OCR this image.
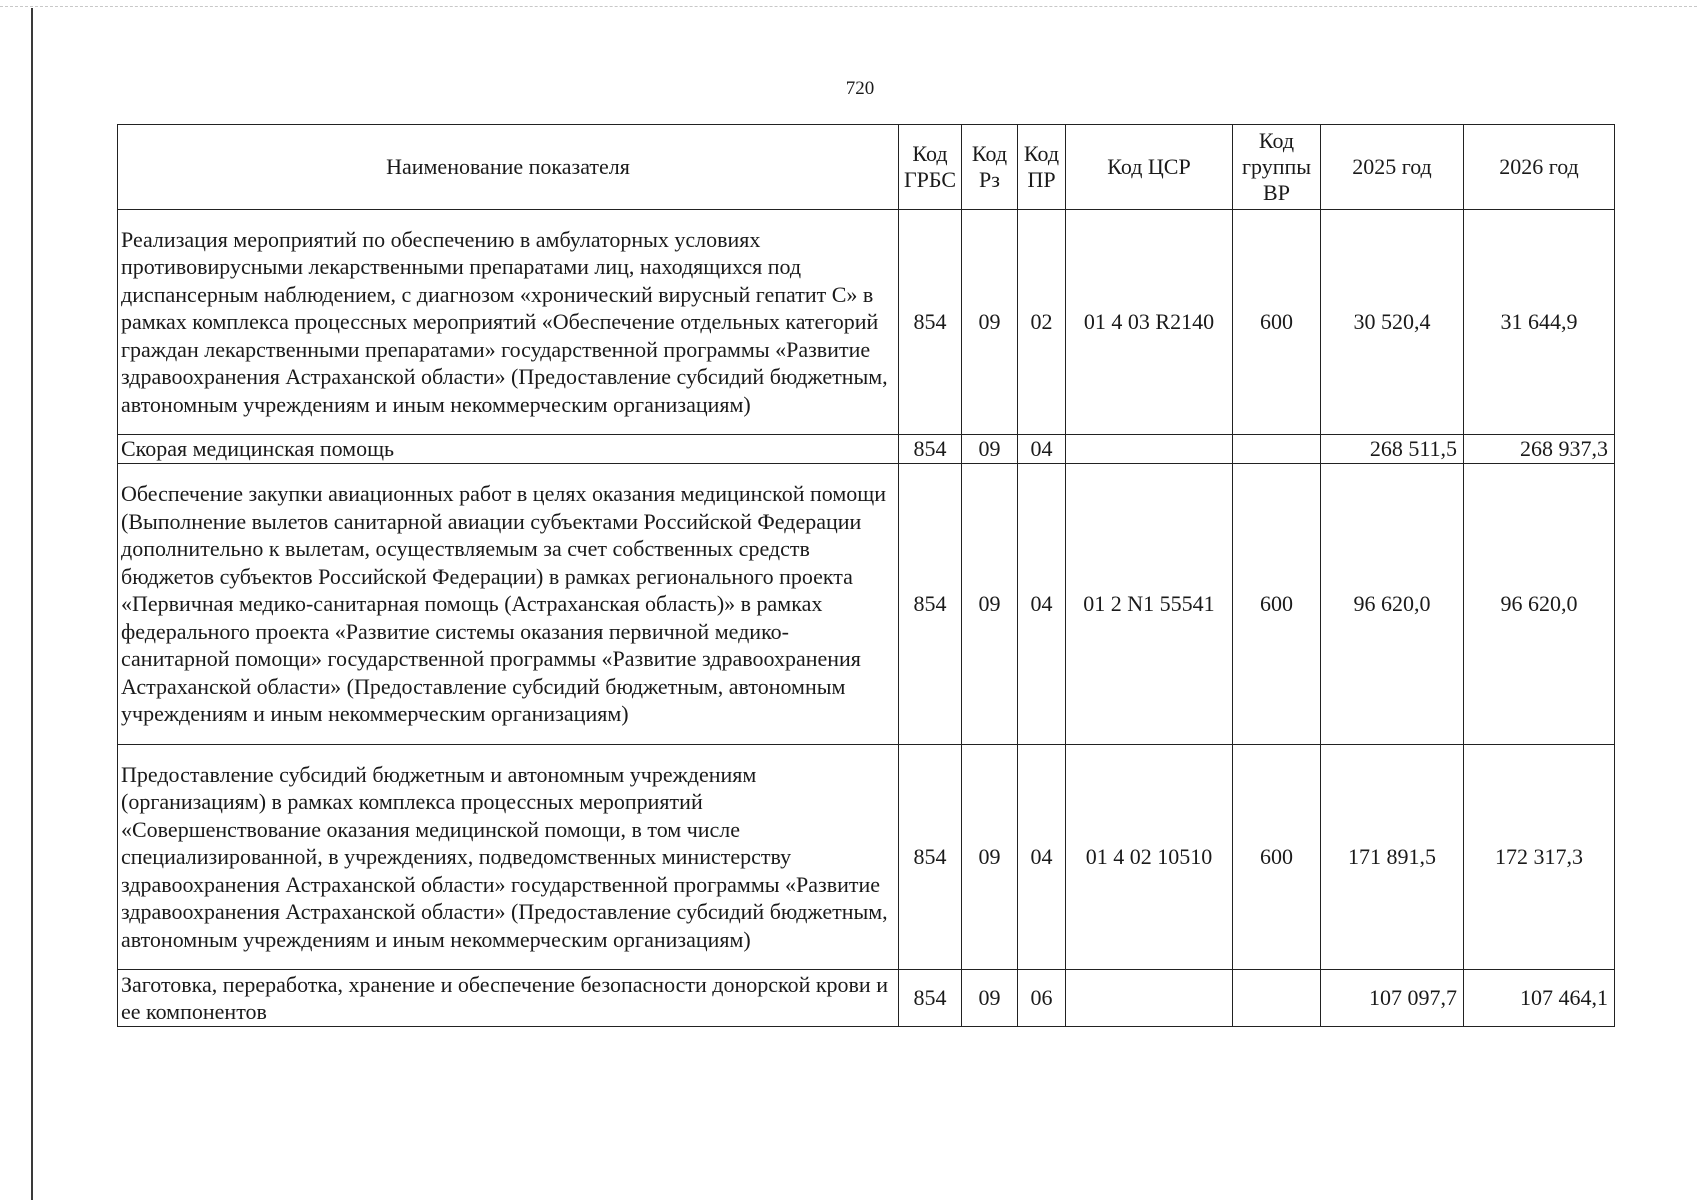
720
Наименование показателя	Код ГРБС	Код Рз	Код ПР	Код ЦСР	Код группы ВР	2025 год	2026 год
Реализация мероприятий по обеспечению в амбулаторных условиях противовирусными лекарственными препаратами лиц, находящихся под диспансерным наблюдением, с диагнозом «хронический вирусный гепатит С» в рамках комплекса процессных мероприятий «Обеспечение отдельных категорий граждан лекарственными препаратами» государственной программы «Развитие здравоохранения Астраханской области» (Предоставление субсидий бюджетным, автономным учреждениям и иным некоммерческим организациям)	854	09	02	01 4 03 R2140	600	30 520,4	31 644,9
Скорая медицинская помощь	854	09	04			268 511,5	268 937,3
Обеспечение закупки авиационных работ в целях оказания медицинской помощи (Выполнение вылетов санитарной авиации субъектами Российской Федерации дополнительно к вылетам, осуществляемым за счет собственных средств бюджетов субъектов Российской Федерации) в рамках регионального проекта «Первичная медико-санитарная помощь (Астраханская область)» в рамках федерального проекта «Развитие системы оказания первичной медико-санитарной помощи» государственной программы «Развитие здравоохранения Астраханской области» (Предоставление субсидий бюджетным, автономным учреждениям и иным некоммерческим организациям)	854	09	04	01 2 N1 55541	600	96 620,0	96 620,0
Предоставление субсидий бюджетным и автономным учреждениям (организациям) в рамках комплекса процессных мероприятий «Совершенствование оказания медицинской помощи, в том числе специализированной, в учреждениях, подведомственных министерству здравоохранения Астраханской области» государственной программы «Развитие здравоохранения Астраханской области» (Предоставление субсидий бюджетным, автономным учреждениям и иным некоммерческим организациям)	854	09	04	01 4 02 10510	600	171 891,5	172 317,3
Заготовка, переработка, хранение и обеспечение безопасности донорской крови и ее компонентов	854	09	06			107 097,7	107 464,1
